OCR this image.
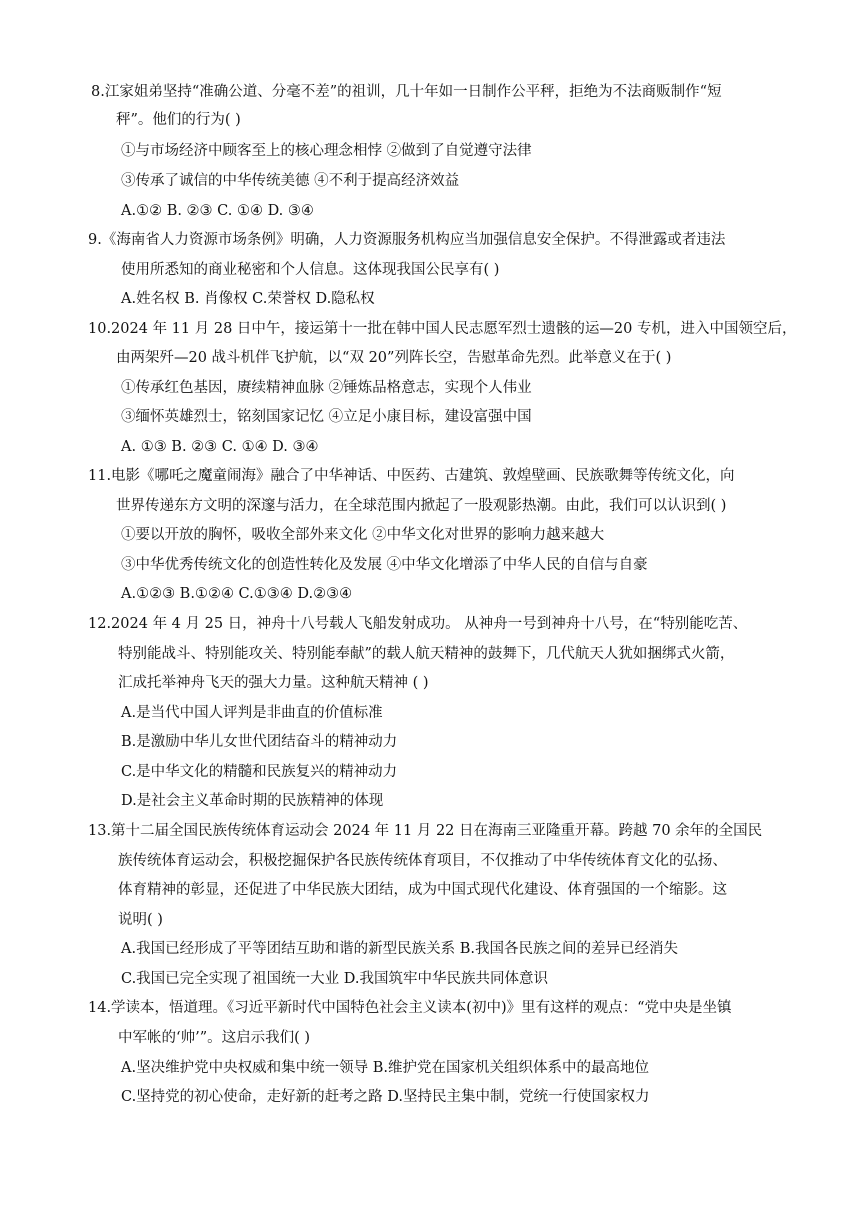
8.江家姐弟坚持“准确公道、分毫不差”的祖训，几十年如一日制作公平秤，拒绝为不法商贩制作“短
秤”。他们的行为( )
①与市场经济中顾客至上的核心理念相悖 ②做到了自觉遵守法律
③传承了诚信的中华传统美德 ④不利于提高经济效益
A.①② B. ②③ C. ①④ D. ③④
9.《海南省人力资源市场条例》明确，人力资源服务机构应当加强信息安全保护。不得泄露或者违法
使用所悉知的商业秘密和个人信息。这体现我国公民享有( )
A.姓名权 B. 肖像权 C.荣誉权 D.隐私权
10.2024 年 11 月 28 日中午，接运第十一批在韩中国人民志愿军烈士遗骸的运—20 专机，进入中国领空后，
由两架歼—20 战斗机伴飞护航，以“双 20”列阵长空，告慰革命先烈。此举意义在于( )
①传承红色基因，赓续精神血脉 ②锤炼品格意志，实现个人伟业
③缅怀英雄烈士，铭刻国家记忆 ④立足小康目标，建设富强中国
A. ①③ B. ②③ C. ①④ D. ③④
11.电影《哪吒之魔童闹海》融合了中华神话、中医药、古建筑、敦煌壁画、民族歌舞等传统文化，向
世界传递东方文明的深邃与活力，在全球范围内掀起了一股观影热潮。由此，我们可以认识到( )
①要以开放的胸怀，吸收全部外来文化 ②中华文化对世界的影响力越来越大
③中华优秀传统文化的创造性转化及发展 ④中华文化增添了中华人民的自信与自豪
A.①②③ B.①②④ C.①③④ D.②③④
12.2024 年 4 月 25 日，神舟十八号载人飞船发射成功。 从神舟一号到神舟十八号，在“特别能吃苦、
特别能战斗、特别能攻关、特别能奉献”的载人航天精神的鼓舞下，几代航天人犹如捆绑式火箭，
汇成托举神舟飞天的强大力量。这种航天精神 ( )
A.是当代中国人评判是非曲直的价值标准
B.是激励中华儿女世代团结奋斗的精神动力
C.是中华文化的精髓和民族复兴的精神动力
D.是社会主义革命时期的民族精神的体现
13.第十二届全国民族传统体育运动会 2024 年 11 月 22 日在海南三亚隆重开幕。跨越 70 余年的全国民
族传统体育运动会，积极挖掘保护各民族传统体育项目，不仅推动了中华传统体育文化的弘扬、
体育精神的彰显，还促进了中华民族大团结，成为中国式现代化建设、体育强国的一个缩影。这
说明( )
A.我国已经形成了平等团结互助和谐的新型民族关系 B.我国各民族之间的差异已经消失
C.我国已完全实现了祖国统一大业 D.我国筑牢中华民族共同体意识
14.学读本，悟道理。《习近平新时代中国特色社会主义读本(初中)》里有这样的观点：“党中央是坐镇
中军帐的‘帅’”。这启示我们( )
A.坚决维护党中央权威和集中统一领导 B.维护党在国家机关组织体系中的最高地位
C.坚持党的初心使命，走好新的赶考之路 D.坚持民主集中制，党统一行使国家权力
